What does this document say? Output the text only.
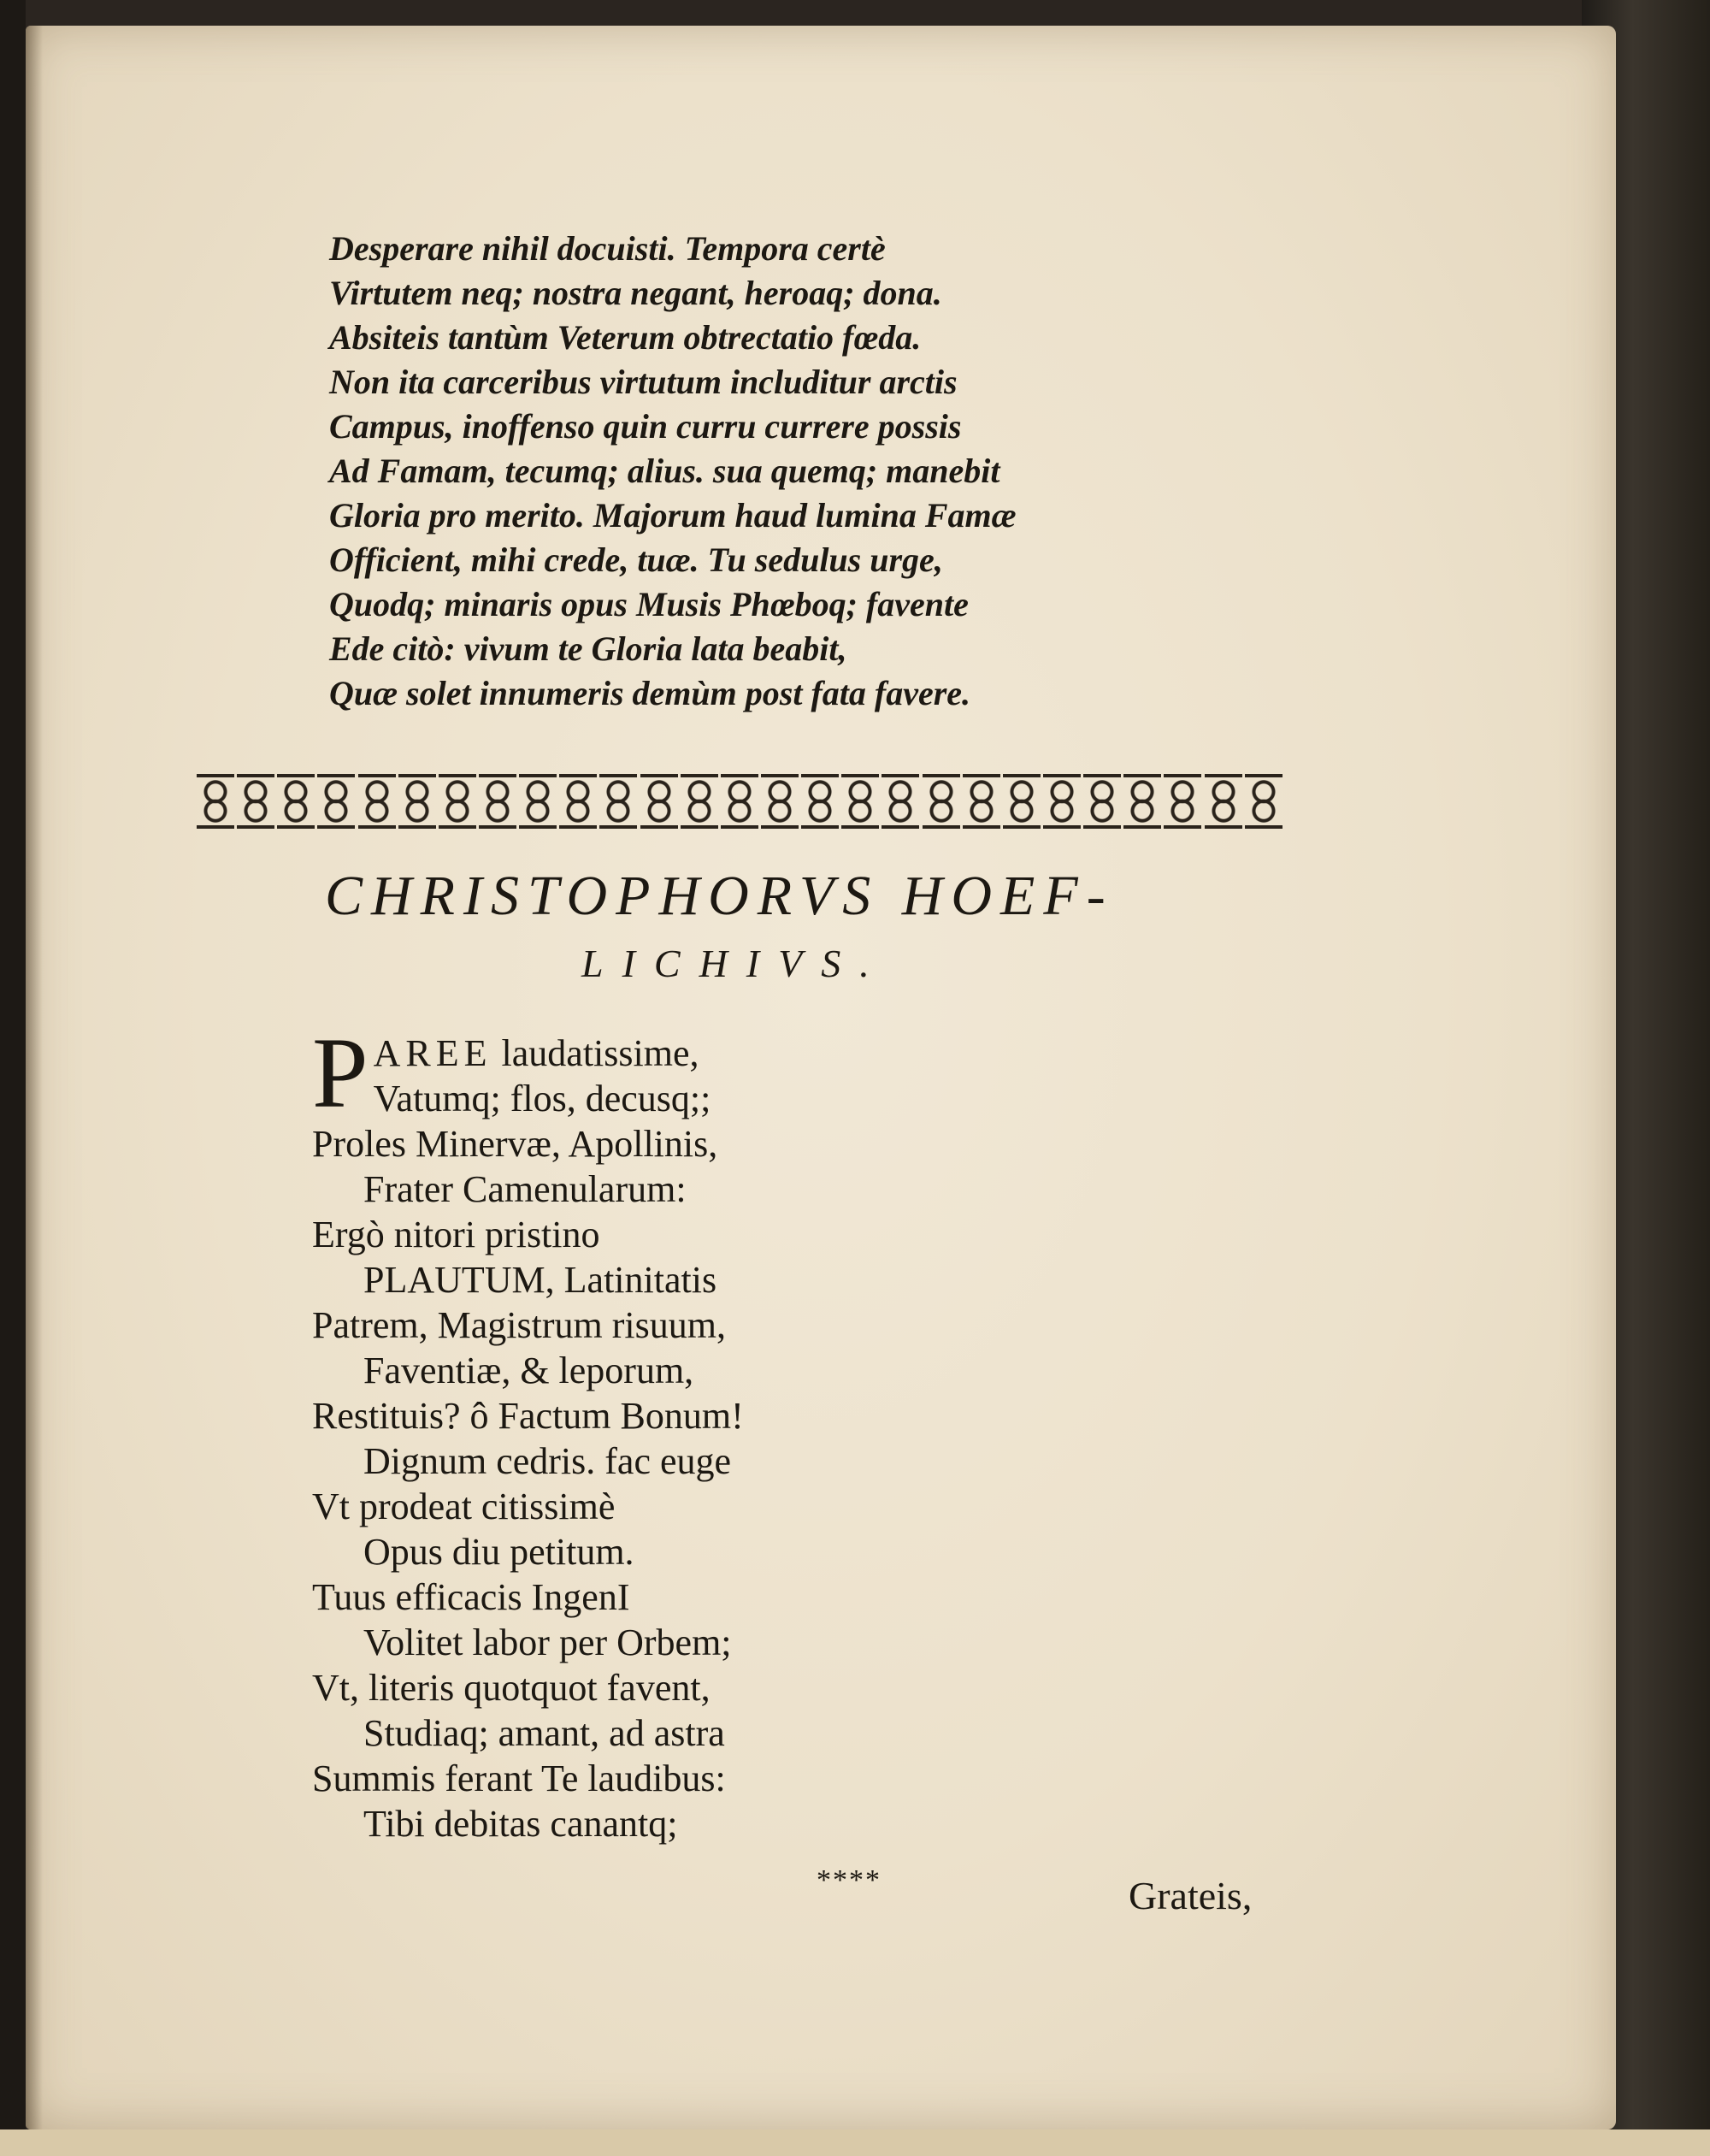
Desperare nihil docuisti. Tempora certè
Virtutem neq; nostra negant, heroaq; dona.
Absiteis tantùm Veterum obtrectatio fœda.
Non ita carceribus virtutum includitur arctis
Campus, inoffenso quin curru currere possis
Ad Famam, tecumq; alius. sua quemq; manebit
Gloria pro merito. Majorum haud lumina Famæ
Officient, mihi crede, tuæ. Tu sedulus urge,
Quodq; minaris opus Musis Phœboq; favente
Ede citò: vivum te Gloria lata beabit,
Quæ solet innumeris demùm post fata favere.
CHRISTOPHORVS HOEF-
LICHIVS.
PAREE laudatissime,
Vatumq; flos, decusq;;
Proles Minervæ, Apollinis,
Frater Camenularum:
Ergò nitori pristino
PLAUTUM, Latinitatis
Patrem, Magistrum risuum,
Faventiæ, & leporum,
Restituis? ô Factum Bonum!
Dignum cedris. fac euge
Vt prodeat citissimè
Opus diu petitum.
Tuus efficacis IngenI
Volitet labor per Orbem;
Vt, literis quotquot favent,
Studiaq; amant, ad astra
Summis ferant Te laudibus:
Tibi debitas canantq;
****	Grateis,
